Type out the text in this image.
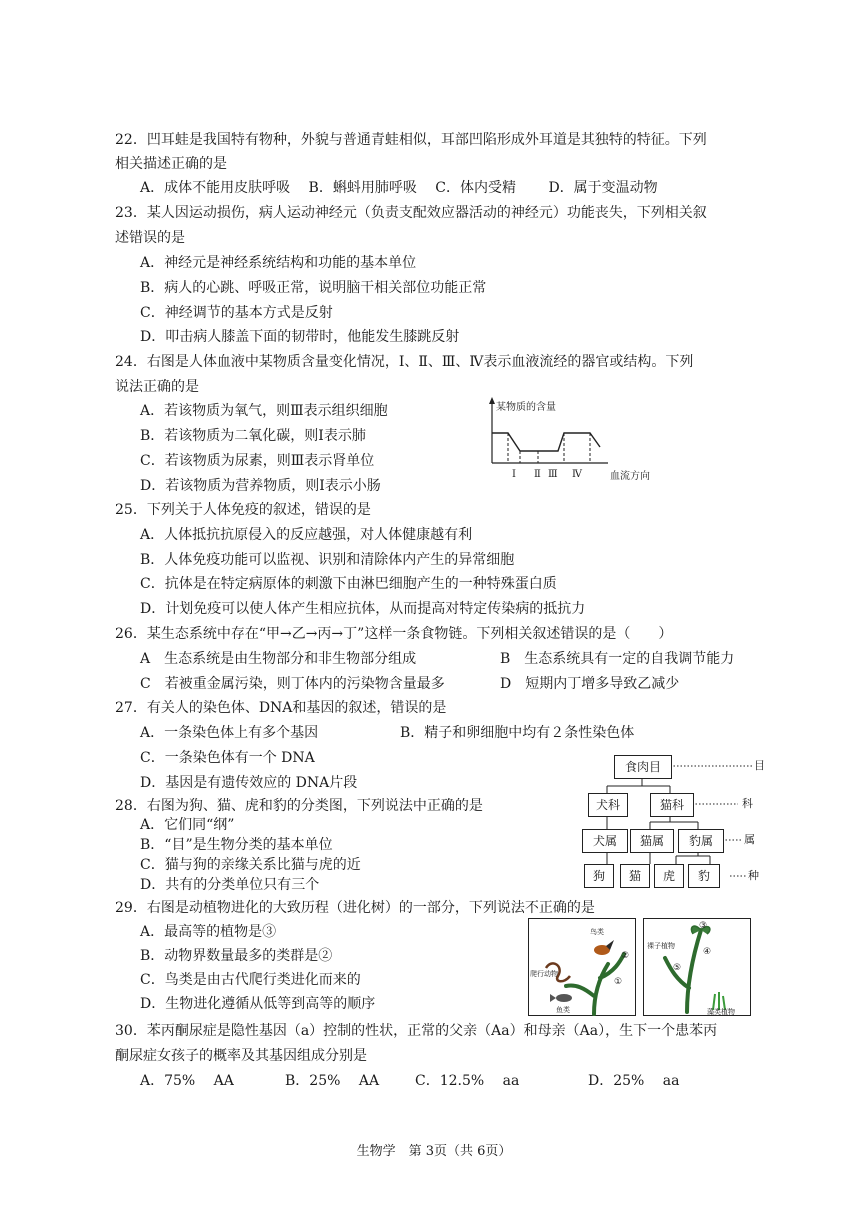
22．凹耳蛙是我国特有物种，外貌与普通青蛙相似，耳部凹陷形成外耳道是其独特的特征。下列
相关描述正确的是
A．成体不能用皮肤呼吸　 B．蝌蚪用肺呼吸　 C．体内受精　　 D．属于变温动物
23．某人因运动损伤，病人运动神经元（负责支配效应器活动的神经元）功能丧失，下列相关叙
述错误的是
A．神经元是神经系统结构和功能的基本单位
B．病人的心跳、呼吸正常，说明脑干相关部位功能正常
C．神经调节的基本方式是反射
D．叩击病人膝盖下面的韧带时，他能发生膝跳反射
24．右图是人体血液中某物质含量变化情况，Ⅰ、Ⅱ、Ⅲ、Ⅳ表示血液流经的器官或结构。下列
说法正确的是
A．若该物质为氧气，则Ⅲ表示组织细胞
B．若该物质为二氧化碳，则Ⅰ表示肺
C．若该物质为尿素，则Ⅲ表示肾单位
D．若该物质为营养物质，则Ⅰ表示小肠
某物质的含量
Ⅰ Ⅱ Ⅲ Ⅳ	血流方向
25．下列关于人体免疫的叙述，错误的是
A．人体抵抗抗原侵入的反应越强，对人体健康越有利
B．人体免疫功能可以监视、识别和清除体内产生的异常细胞
C．抗体是在特定病原体的刺激下由淋巴细胞产生的一种特殊蛋白质
D．计划免疫可以使人体产生相应抗体，从而提高对特定传染病的抵抗力
26．某生态系统中存在“甲→乙→丙→丁”这样一条食物链。下列相关叙述错误的是（　　）
A　生态系统是由生物部分和非生物部分组成	B　生态系统具有一定的自我调节能力
C　若被重金属污染，则丁体内的污染物含量最多	D　短期内丁增多导致乙减少
27．有关人的染色体、DNA和基因的叙述，错误的是
A．一条染色体上有多个基因	B．精子和卵细胞中均有２条性染色体
C．一条染色体有一个 DNA
D．基因是有遗传效应的 DNA片段
28．右图为狗、猫、虎和豹的分类图，下列说法中正确的是
A．它们同“纲”
B．“目”是生物分类的基本单位
C．猫与狗的亲缘关系比猫与虎的近
D．共有的分类单位只有三个
食肉目
犬科	猫科
犬属	猫属	豹属
狗	猫	虎	豹
目
科
属
种
29．右图是动植物进化的大致历程（进化树）的一部分，下列说法不正确的是
A．最高等的植物是③
B．动物界数量最多的类群是②
C．鸟类是由古代爬行类进化而来的
D．生物进化遵循从低等到高等的顺序
鸟类
爬行动物
鱼类
②
①
裸子植物
藻类植物
③
④
⑤
30．苯丙酮尿症是隐性基因（a）控制的性状，正常的父亲（Aa）和母亲（Aa），生下一个患苯丙
酮尿症女孩子的概率及其基因组成分别是
A．75%　 AA	B．25%　 AA	C．12.5%　 aa	D．25%　 aa
生物学　第 3页（共 6页）
